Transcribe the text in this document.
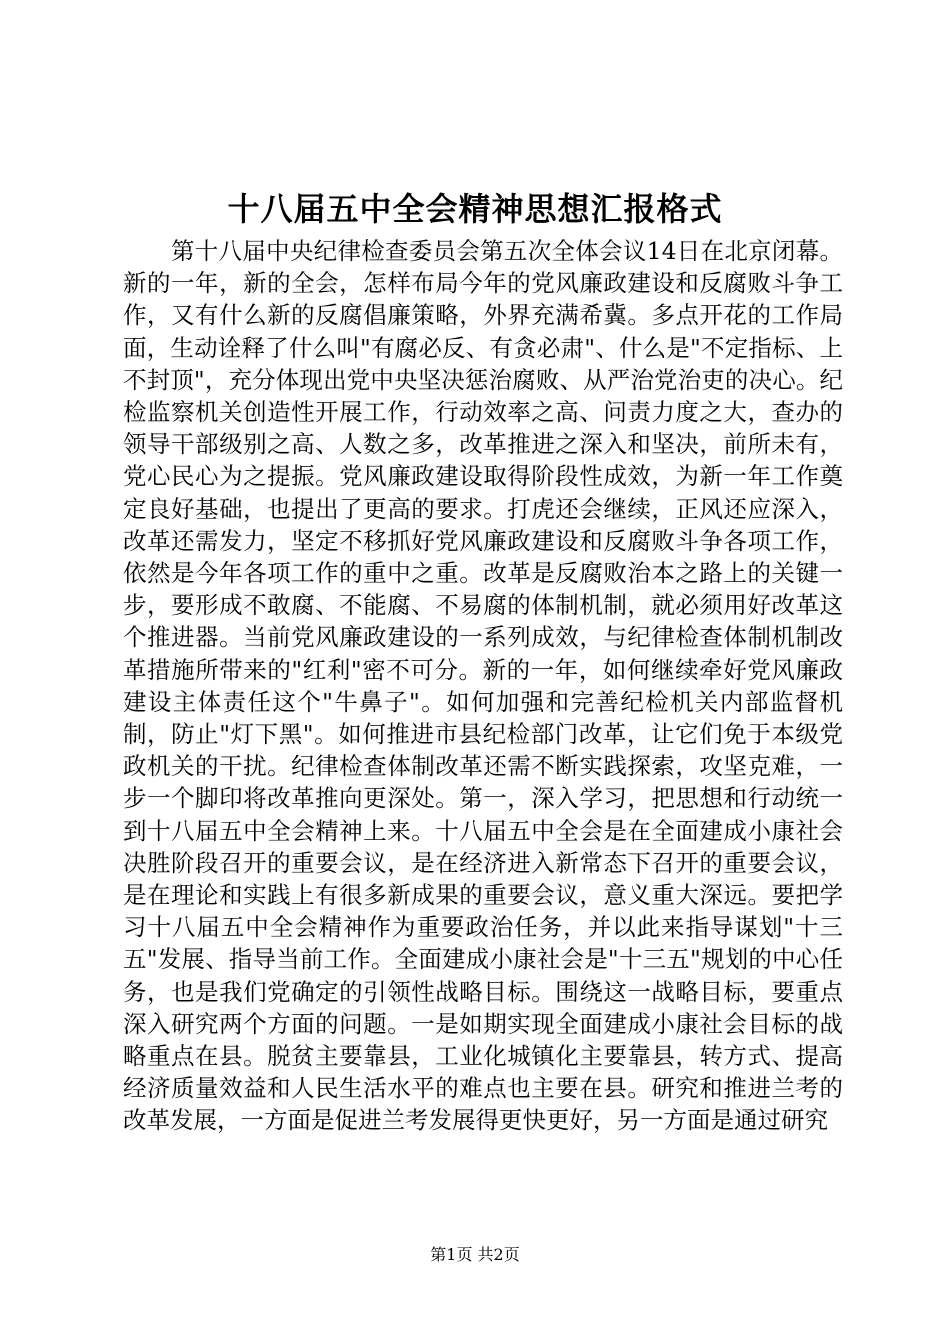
十八届五中全会精神思想汇报格式

第十八届中央纪律检查委员会第五次全体会议14日在北京闭幕。新的一年，新的全会，怎样布局今年的党风廉政建设和反腐败斗争工作，又有什么新的反腐倡廉策略，外界充满希冀。多点开花的工作局面，生动诠释了什么叫"有腐必反、有贪必肃"、什么是"不定指标、上不封顶"，充分体现出党中央坚决惩治腐败、从严治党治吏的决心。纪检监察机关创造性开展工作，行动效率之高、问责力度之大，查办的领导干部级别之高、人数之多，改革推进之深入和坚决，前所未有，党心民心为之提振。党风廉政建设取得阶段性成效，为新一年工作奠定良好基础，也提出了更高的要求。打虎还会继续，正风还应深入，改革还需发力，坚定不移抓好党风廉政建设和反腐败斗争各项工作，依然是今年各项工作的重中之重。改革是反腐败治本之路上的关键一步，要形成不敢腐、不能腐、不易腐的体制机制，就必须用好改革这个推进器。当前党风廉政建设的一系列成效，与纪律检查体制机制改革措施所带来的"红利"密不可分。新的一年，如何继续牵好党风廉政建设主体责任这个"牛鼻子"。如何加强和完善纪检机关内部监督机制，防止"灯下黑"。如何推进市县纪检部门改革，让它们免于本级党政机关的干扰。纪律检查体制改革还需不断实践探索，攻坚克难，一步一个脚印将改革推向更深处。第一，深入学习，把思想和行动统一到十八届五中全会精神上来。十八届五中全会是在全面建成小康社会决胜阶段召开的重要会议，是在经济进入新常态下召开的重要会议，是在理论和实践上有很多新成果的重要会议，意义重大深远。要把学习十八届五中全会精神作为重要政治任务，并以此来指导谋划"十三五"发展、指导当前工作。全面建成小康社会是"十三五"规划的中心任务，也是我们党确定的引领性战略目标。围绕这一战略目标，要重点深入研究两个方面的问题。一是如期实现全面建成小康社会目标的战略重点在县。脱贫主要靠县，工业化城镇化主要靠县，转方式、提高经济质量效益和人民生活水平的难点也主要在县。研究和推进兰考的改革发展，一方面是促进兰考发展得更快更好，另一方面是通过研究

第1页 共2页
